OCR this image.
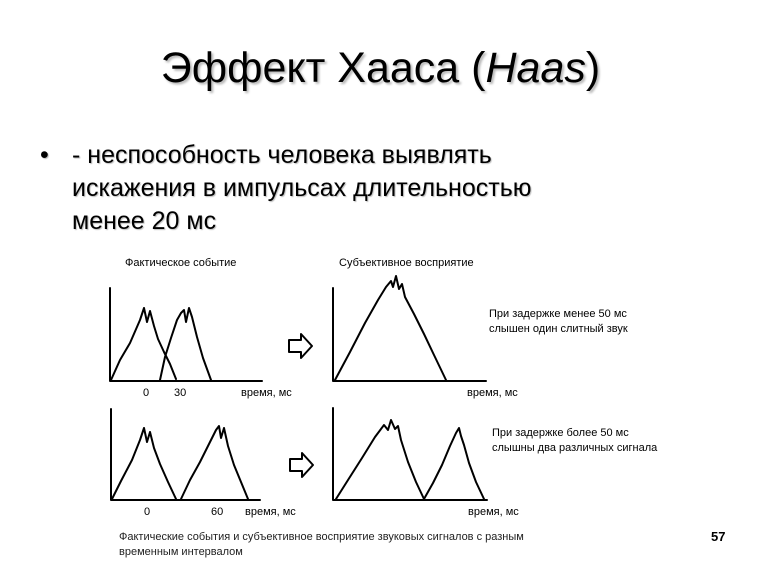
Эффект Хааса (Haas)
• - неспособность человека выявлять
искажения в импульсах длительностью
менее 20 мс
Фактическое событие	Субъективное восприятие
При задержке менее 50 мс
слышен один слитный звук
При задержке более 50 мс
слышны два различных сигнала
0 30	время, мс	время, мс
0	60 время, мс	время, мс
Фактические события и субъективное восприятие звуковых сигналов с разным
временным интервалом
57
